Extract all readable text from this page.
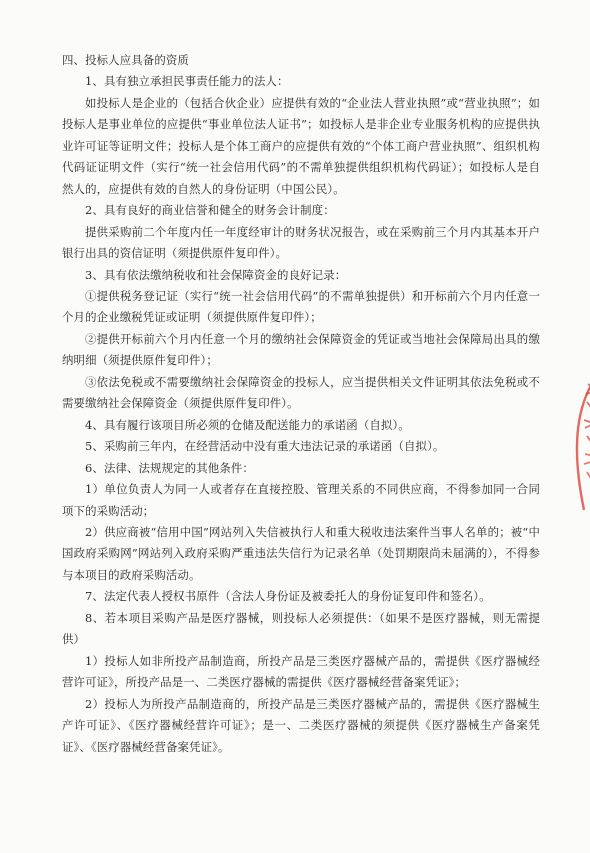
四、投标人应具备的资质

1、具有独立承担民事责任能力的法人：

如投标人是企业的（包括合伙企业）应提供有效的“企业法人营业执照”或“营业执照”；如投标人是事业单位的应提供“事业单位法人证书”；如投标人是非企业专业服务机构的应提供执业许可证等证明文件；投标人是个体工商户的应提供有效的“个体工商户营业执照”、组织机构代码证证明文件（实行“统一社会信用代码”的不需单独提供组织机构代码证）；如投标人是自然人的，应提供有效的自然人的身份证明（中国公民）。

2、具有良好的商业信誉和健全的财务会计制度：

提供采购前二个年度内任一年度经审计的财务状况报告，或在采购前三个月内其基本开户银行出具的资信证明（须提供原件复印件）。

3、具有依法缴纳税收和社会保障资金的良好记录：

①提供税务登记证（实行“统一社会信用代码”的不需单独提供）和开标前六个月内任意一个月的企业缴税凭证或证明（须提供原件复印件）；

②提供开标前六个月内任意一个月的缴纳社会保障资金的凭证或当地社会保障局出具的缴纳明细（须提供原件复印件）；

③依法免税或不需要缴纳社会保障资金的投标人，应当提供相关文件证明其依法免税或不需要缴纳社会保障资金（须提供原件复印件）。

4、具有履行该项目所必须的仓储及配送能力的承诺函（自拟）。

5、采购前三年内，在经营活动中没有重大违法记录的承诺函（自拟）。

6、法律、法规规定的其他条件：

1）单位负责人为同一人或者存在直接控股、管理关系的不同供应商，不得参加同一合同项下的采购活动；

2）供应商被“信用中国”网站列入失信被执行人和重大税收违法案件当事人名单的；被“中国政府采购网”网站列入政府采购严重违法失信行为记录名单（处罚期限尚未届满的），不得参与本项目的政府采购活动。

7、法定代表人授权书原件（含法人身份证及被委托人的身份证复印件和签名）。

8、若本项目采购产品是医疗器械，则投标人必须提供：（如果不是医疗器械，则无需提供）

1）投标人如非所投产品制造商，所投产品是三类医疗器械产品的，需提供《医疗器械经营许可证》，所投产品是一、二类医疗器械的需提供《医疗器械经营备案凭证》；

2）投标人为所投产品制造商的，所投产品是三类医疗器械产品的，需提供《医疗器械生产许可证》、《医疗器械经营许可证》；是一、二类医疗器械的须提供《医疗器械生产备案凭证》、《医疗器械经营备案凭证》。
